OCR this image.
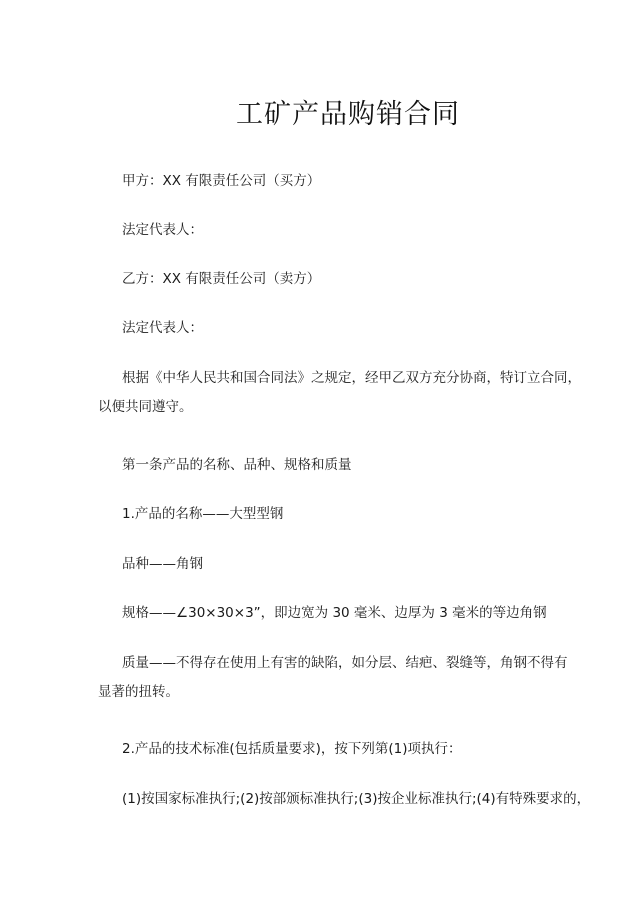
工矿产品购销合同
甲方：XX 有限责任公司（买方）
法定代表人：
乙方：XX 有限责任公司（卖方）
法定代表人：
根据《中华人民共和国合同法》之规定，经甲乙双方充分协商，特订立合同，
以便共同遵守。
第一条产品的名称、品种、规格和质量
1.产品的名称——大型型钢
品种——角钢
规格——∠30×30×3”，即边宽为 30 毫米、边厚为 3 毫米的等边角钢
质量——不得存在使用上有害的缺陷，如分层、结疤、裂缝等，角钢不得有
显著的扭转。
2.产品的技术标准(包括质量要求)，按下列第(1)项执行：
(1)按国家标准执行;(2)按部颁标准执行;(3)按企业标准执行;(4)有特殊要求的，
